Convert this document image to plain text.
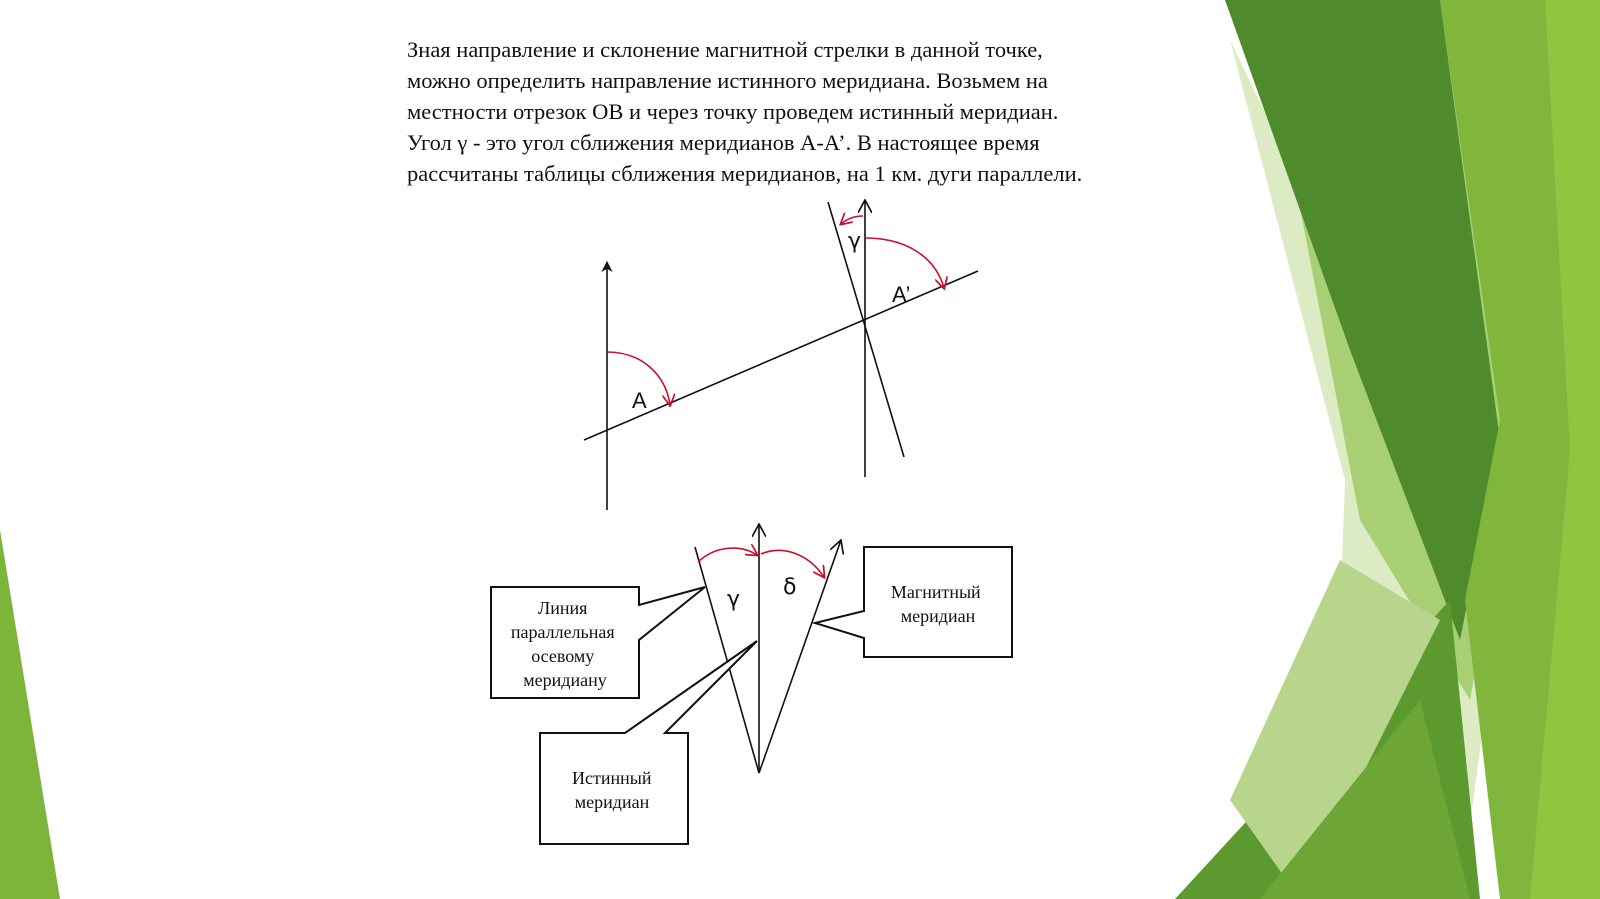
Зная направление и склонение магнитной стрелки в данной точке,
можно определить направление истинного меридиана. Возьмем на
местности отрезок ОВ и через точку проведем истинный меридиан.
Угол γ - это угол сближения меридианов А-А’. В настоящее время
рассчитаны таблицы сближения меридианов, на 1 км. дуги параллели.
А
А’
γ
γ δ
Линия параллельная осевому меридиану
Магнитный меридиан
Истинный меридиан
